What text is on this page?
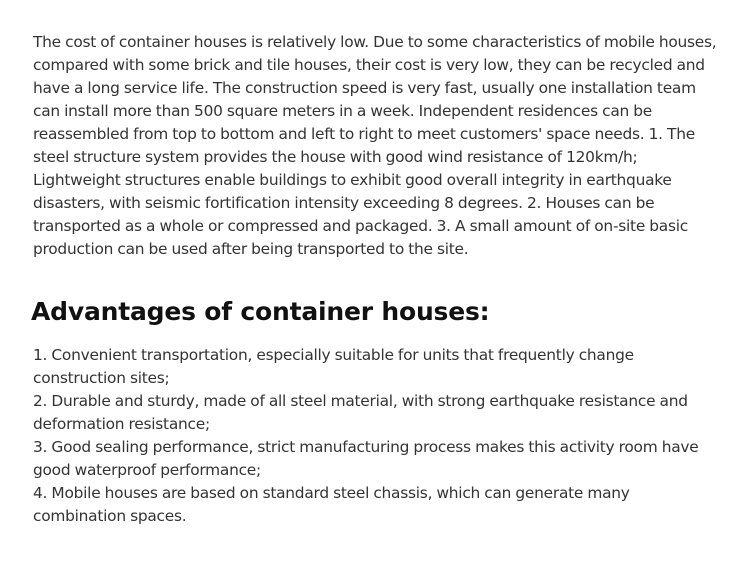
The cost of container houses is relatively low. Due to some characteristics of mobile houses, compared with some brick and tile houses, their cost is very low, they can be recycled and have a long service life. The construction speed is very fast, usually one installation team can install more than 500 square meters in a week. Independent residences can be reassembled from top to bottom and left to right to meet customers' space needs. 1. The steel structure system provides the house with good wind resistance of 120km/h; Lightweight structures enable buildings to exhibit good overall integrity in earthquake disasters, with seismic fortification intensity exceeding 8 degrees. 2. Houses can be transported as a whole or compressed and packaged. 3. A small amount of on-site basic production can be used after being transported to the site.

Advantages of container houses:
1. Convenient transportation, especially suitable for units that frequently change construction sites;
2. Durable and sturdy, made of all steel material, with strong earthquake resistance and deformation resistance;
3. Good sealing performance, strict manufacturing process makes this activity room have good waterproof performance;
4. Mobile houses are based on standard steel chassis, which can generate many combination spaces.
